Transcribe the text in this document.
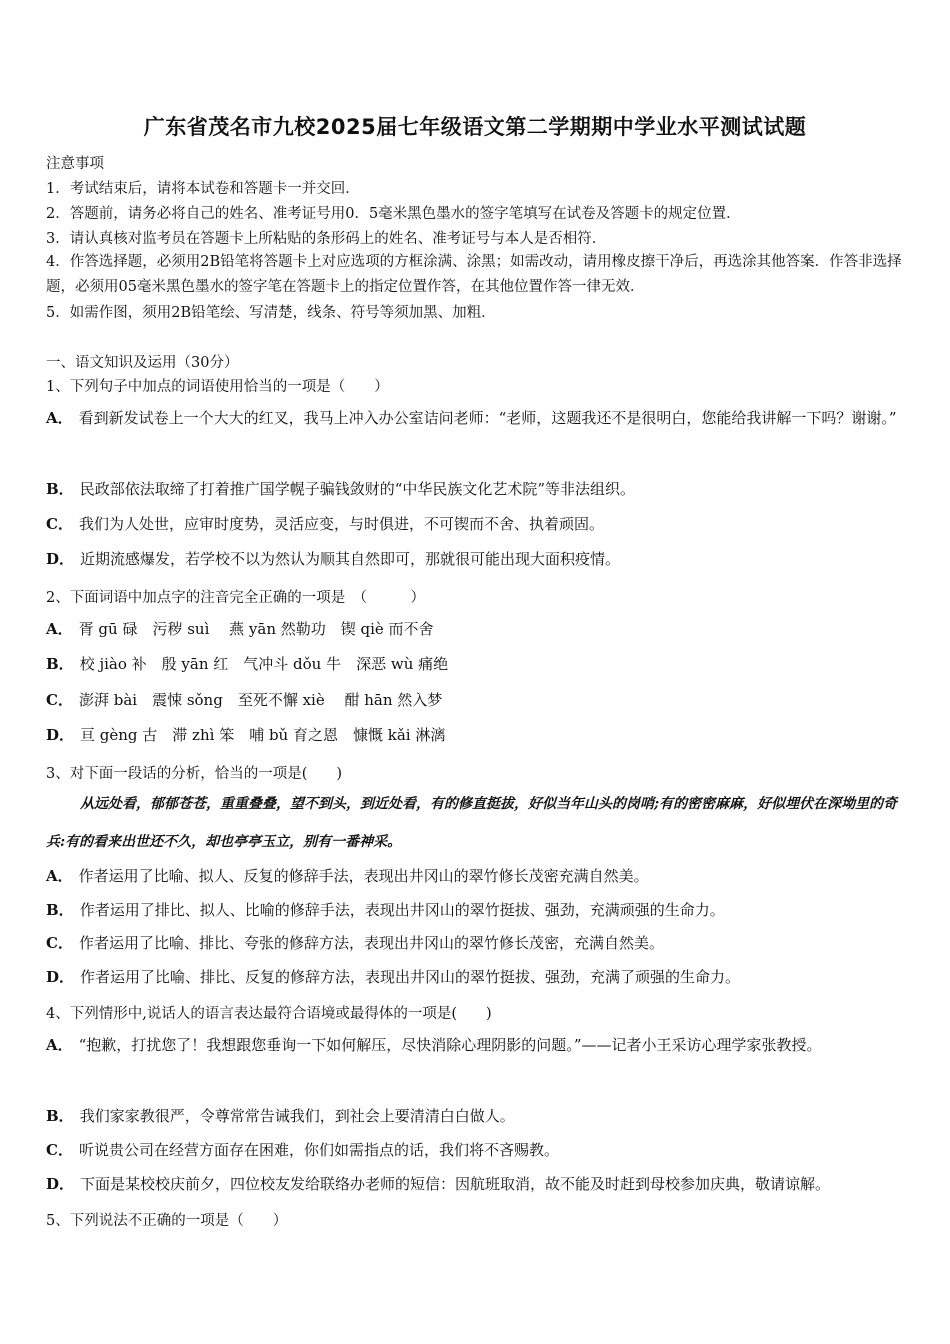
广东省茂名市九校2025届七年级语文第二学期期中学业水平测试试题
注意事项
1．考试结束后，请将本试卷和答题卡一并交回．
2．答题前，请务必将自己的姓名、准考证号用0．5毫米黑色墨水的签字笔填写在试卷及答题卡的规定位置．
3．请认真核对监考员在答题卡上所粘贴的条形码上的姓名、准考证号与本人是否相符．
4．作答选择题，必须用2B铅笔将答题卡上对应选项的方框涂满、涂黑；如需改动，请用橡皮擦干净后，再选涂其他答案．作答非选择题，必须用05毫米黑色墨水的签字笔在答题卡上的指定位置作答，在其他位置作答一律无效．
5．如需作图，须用2B铅笔绘、写清楚，线条、符号等须加黑、加粗．
一、语文知识及运用（30分）
1、下列句子中加点的词语使用恰当的一项是（　　）
A． 看到新发试卷上一个大大的红叉，我马上冲入办公室诘问老师：“老师，这题我还不是很明白，您能给我讲解一下吗？谢谢。”
B． 民政部依法取缔了打着推广国学幌子骗钱敛财的“中华民族文化艺术院”等非法组织。
C． 我们为人处世，应审时度势，灵活应变，与时俱进，不可锲而不舍、执着顽固。
D． 近期流感爆发，若学校不以为然认为顺其自然即可，那就很可能出现大面积疫情。
2、下面词语中加点字的注音完全正确的一项是　（　　　）
A． 胥 gū 碌　污秽 suì　 燕 yān 然勒功　锲 qiè 而不舍
B． 校 jiào 补　殷 yān 红　气冲斗 dǒu 牛　深恶 wù 痛绝
C． 澎湃 bài　震悚 sǒng　至死不懈 xiè　 酣 hān 然入梦
D． 亘 gèng 古　滞 zhì 笨　哺 bǔ 育之恩　慷慨 kǎi 淋漓
3、对下面一段话的分析，恰当的一项是(　　)
从远处看，郁郁苍苍，重重叠叠，望不到头，到近处看，有的修直挺拔，好似当年山头的岗哨;有的密密麻麻，好似埋伏在深坳里的奇兵:有的看来出世还不久，却也亭亭玉立，别有一番神采。
A． 作者运用了比喻、拟人、反复的修辞手法，表现出井冈山的翠竹修长茂密充满自然美。
B． 作者运用了排比、拟人、比喻的修辞手法，表现出井冈山的翠竹挺拔、强劲，充满顽强的生命力。
C． 作者运用了比喻、排比、夸张的修辞方法，表现出井冈山的翠竹修长茂密，充满自然美。
D． 作者运用了比喻、排比、反复的修辞方法，表现出井冈山的翠竹挺拔、强劲，充满了顽强的生命力。
4、下列情形中,说话人的语言表达最符合语境或最得体的一项是(　　)
A． “抱歉，打扰您了！我想跟您垂询一下如何解压，尽快消除心理阴影的问题。”——记者小王采访心理学家张教授。
B． 我们家家教很严，令尊常常告诫我们，到社会上要清清白白做人。
C． 听说贵公司在经营方面存在困难，你们如需指点的话，我们将不吝赐教。
D． 下面是某校校庆前夕，四位校友发给联络办老师的短信：因航班取消，故不能及时赶到母校参加庆典，敬请谅解。
5、下列说法不正确的一项是（　　）
